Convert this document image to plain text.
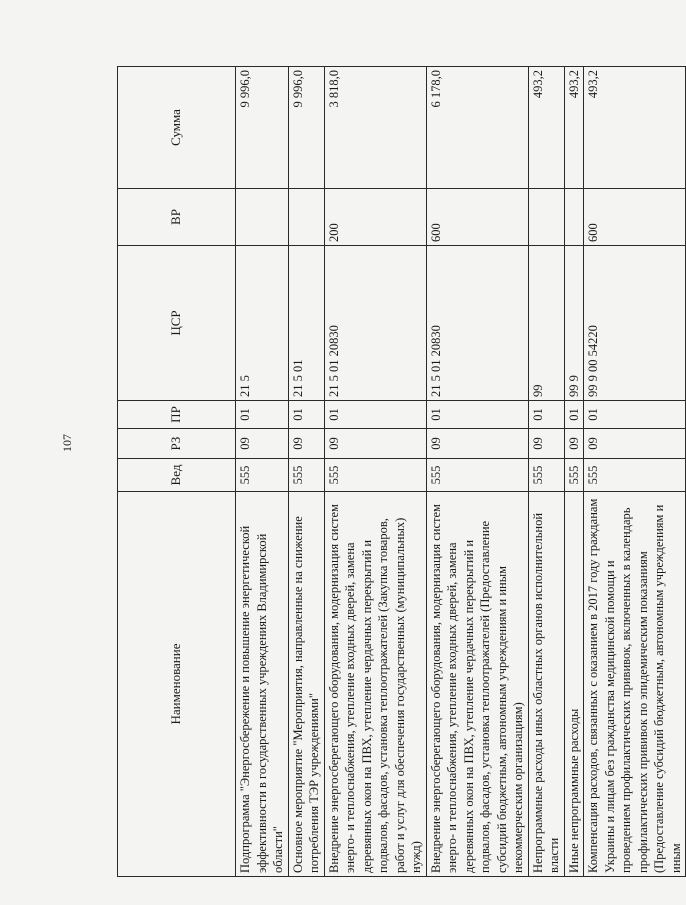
107
Наименование	Вед	РЗ	ПР	ЦСР	ВР	Сумма
Подпрограмма "Энергосбережение и повышение энергетической эффективности в государственных учреждениях Владимирской области"	555	09	01	21 5		9 996,0
Основное мероприятие "Мероприятия, направленные на снижение потребления ТЭР учреждениями"	555	09	01	21 5 01		9 996,0
Внедрение энергосберегающего оборудования, модернизация систем энерго- и теплоснабжения, утепление входных дверей, замена деревянных окон на ПВХ, утепление чердачных перекрытий и подвалов, фасадов, установка теплоотражателей (Закупка товаров, работ и услуг для обеспечения государственных (муниципальных) нужд)	555	09	01	21 5 01 20830	200	3 818,0
Внедрение энергосберегающего оборудования, модернизация систем энерго- и теплоснабжения, утепление входных дверей, замена деревянных окон на ПВХ, утепление чердачных перекрытий и подвалов, фасадов, установка теплоотражателей (Предоставление субсидий бюджетным, автономным учреждениям и иным некоммерческим организациям)	555	09	01	21 5 01 20830	600	6 178,0
Непрограммные расходы иных областных органов исполнительной власти	555	09	01	99		493,2
Иные непрограммные расходы	555	09	01	99 9		493,2
Компенсация расходов, связанных с оказанием в 2017 году гражданам Украины и лицам без гражданства медицинской помощи и проведением профилактических прививок, включенных в календарь профилактических прививок по эпидемическим показаниям (Предоставление субсидий бюджетным, автономным учреждениям и иным	555	09	01	99 9 00 54220	600	493,2
